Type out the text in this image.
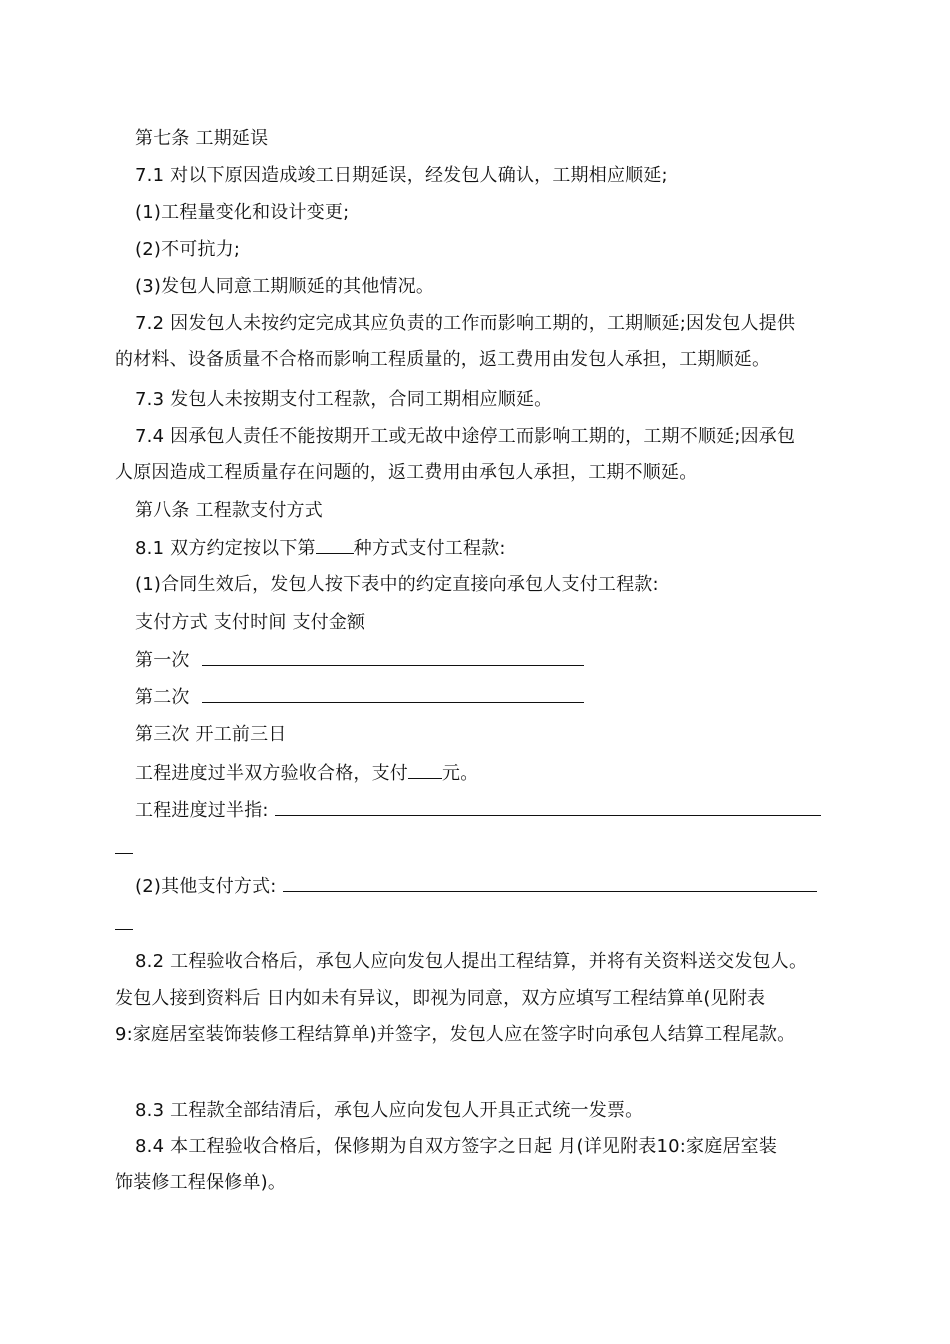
第七条 工期延误
7.1 对以下原因造成竣工日期延误，经发包人确认，工期相应顺延;
(1)工程量变化和设计变更;
(2)不可抗力;
(3)发包人同意工期顺延的其他情况。
7.2 因发包人未按约定完成其应负责的工作而影响工期的，工期顺延;因发包人提供
的材料、设备质量不合格而影响工程质量的，返工费用由发包人承担，工期顺延。
7.3 发包人未按期支付工程款，合同工期相应顺延。
7.4 因承包人责任不能按期开工或无故中途停工而影响工期的，工期不顺延;因承包
人原因造成工程质量存在问题的，返工费用由承包人承担，工期不顺延。
第八条 工程款支付方式
8.1 双方约定按以下第 种方式支付工程款:
(1)合同生效后，发包人按下表中的约定直接向承包人支付工程款:
支付方式 支付时间 支付金额
第一次
第二次
第三次 开工前三日
工程进度过半双方验收合格，支付 元。
工程进度过半指:
(2)其他支付方式:
8.2 工程验收合格后，承包人应向发包人提出工程结算，并将有关资料送交发包人。
发包人接到资料后 日内如未有异议，即视为同意，双方应填写工程结算单(见附表
9:家庭居室装饰装修工程结算单)并签字，发包人应在签字时向承包人结算工程尾款。
8.3 工程款全部结清后，承包人应向发包人开具正式统一发票。
8.4 本工程验收合格后，保修期为自双方签字之日起 月(详见附表10:家庭居室装
饰装修工程保修单)。
